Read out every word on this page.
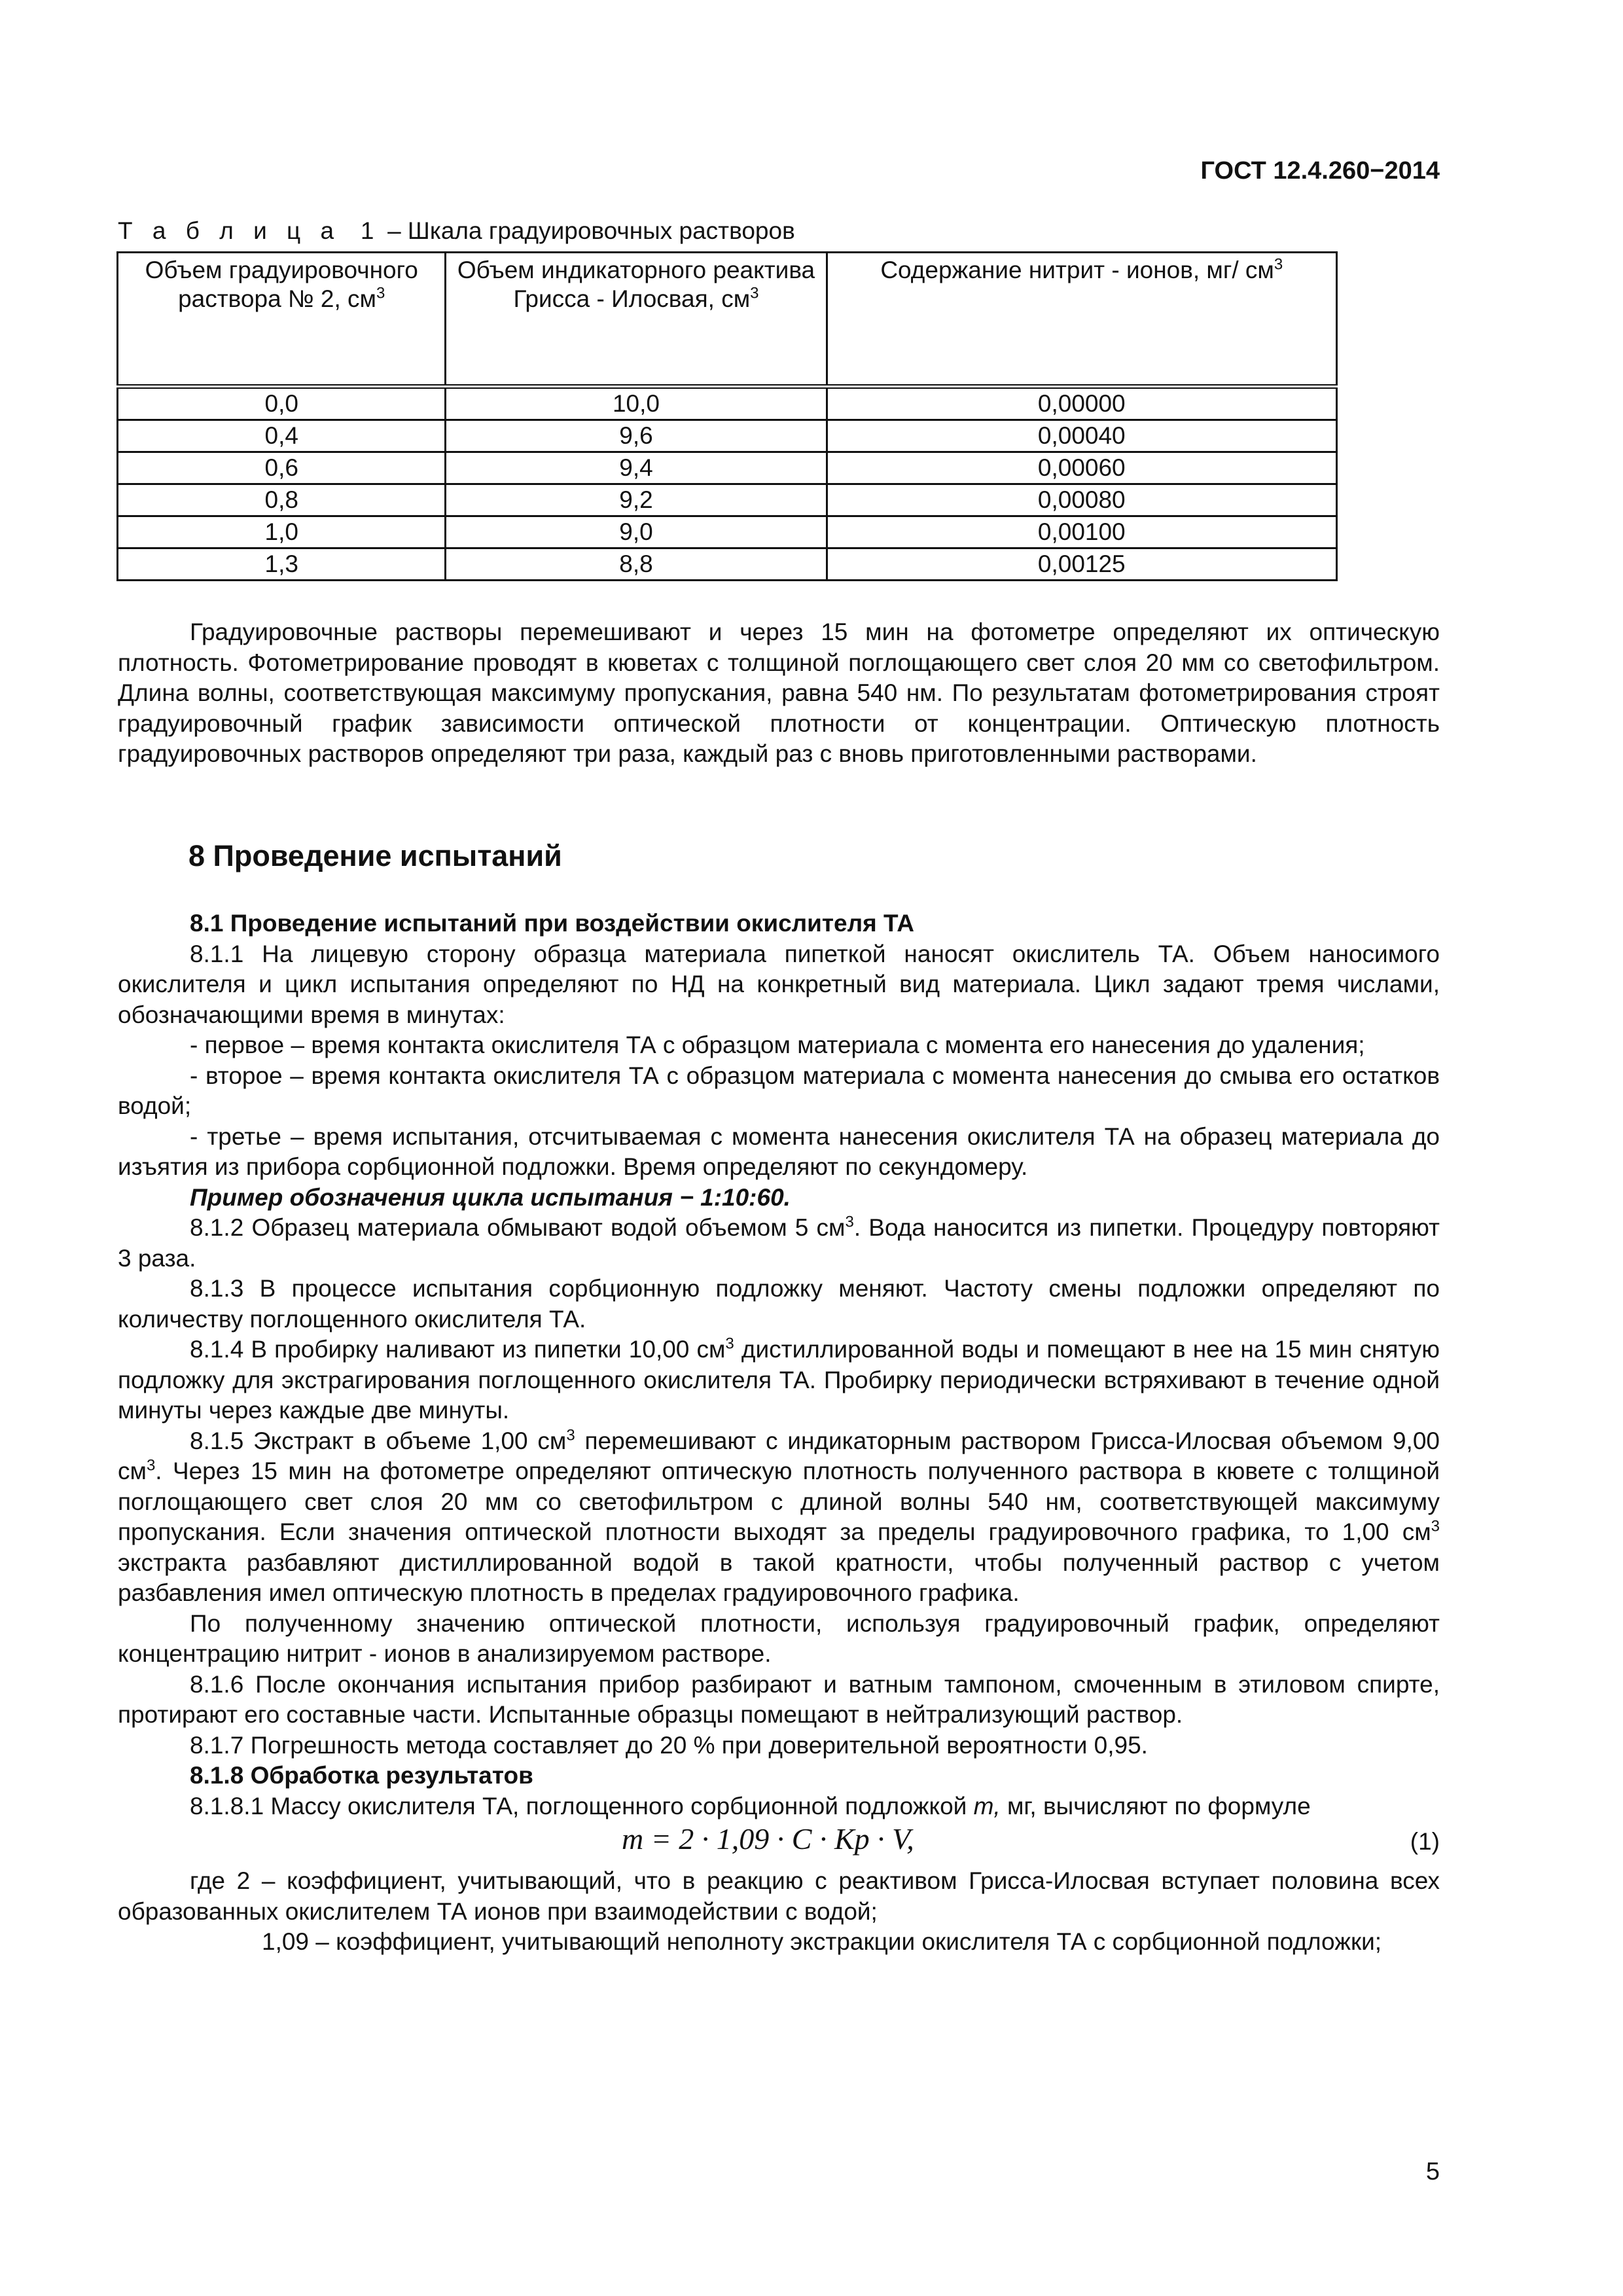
ГОСТ 12.4.260−2014
Т а б л и ц а 1 – Шкала градуировочных растворов
Объем градуировочного раствора № 2, $см^3$	Объем индикаторного реактива Грисса - Илосвая, $см^3$	Содержание нитрит - ионов, мг/ $см^3$
0,0	10,0	0,00000
0,4	9,6	0,00040
0,6	9,4	0,00060
0,8	9,2	0,00080
1,0	9,0	0,00100
1,3	8,8	0,00125

Градуировочные растворы перемешивают и через 15 мин на фотометре определяют их оптическую плотность. Фотометрирование проводят в кюветах с толщиной поглощающего свет слоя 20 мм со светофильтром. Длина волны, соответствующая максимуму пропускания, равна 540 нм. По результатам фотометрирования строят градуировочный график зависимости оптической плотности от концентрации. Оптическую плотность градуировочных растворов определяют три раза, каждый раз с вновь приготовленными растворами.

8 Проведение испытаний

8.1 Проведение испытаний при воздействии окислителя ТА

8.1.1 На лицевую сторону образца материала пипеткой наносят окислитель ТА. Объем наносимого окислителя и цикл испытания определяют по НД на конкретный вид материала. Цикл задают тремя числами, обозначающими время в минутах:

- первое – время контакта окислителя ТА с образцом материала с момента его нанесения до удаления;

- второе – время контакта окислителя ТА с образцом материала с момента нанесения до смыва его остатков водой;

- третье – время испытания, отсчитываемая с момента нанесения окислителя ТА на образец материала до изъятия из прибора сорбционной подложки. Время определяют по секундомеру.

Пример обозначения цикла испытания − 1:10:60.

8.1.2 Образец материала обмывают водой объемом 5 $см^3$. Вода наносится из пипетки. Процедуру повторяют 3 раза.

8.1.3 В процессе испытания сорбционную подложку меняют. Частоту смены подложки определяют по количеству поглощенного окислителя ТА.

8.1.4 В пробирку наливают из пипетки 10,00 $см^3$ дистиллированной воды и помещают в нее на 15 мин снятую подложку для экстрагирования поглощенного окислителя ТА. Пробирку периодически встряхивают в течение одной минуты через каждые две минуты.

8.1.5 Экстракт в объеме 1,00 $см^3$ перемешивают с индикаторным раствором Грисса-Илосвая объемом 9,00 $см^3$. Через 15 мин на фотометре определяют оптическую плотность полученного раствора в кювете с толщиной поглощающего свет слоя 20 мм со светофильтром с длиной волны 540 нм, соответствующей максимуму пропускания. Если значения оптической плотности выходят за пределы градуировочного графика, то 1,00 $см^3$ экстракта разбавляют дистиллированной водой в такой кратности, чтобы полученный раствор с учетом разбавления имел оптическую плотность в пределах градуировочного графика.

По полученному значению оптической плотности, используя градуировочный график, определяют концентрацию нитрит - ионов в анализируемом растворе.

8.1.6 После окончания испытания прибор разбирают и ватным тампоном, смоченным в этиловом спирте, протирают его составные части. Испытанные образцы помещают в нейтрализующий раствор.

8.1.7 Погрешность метода составляет до 20 % при доверительной вероятности 0,95.

8.1.8 Обработка результатов

8.1.8.1 Массу окислителя ТА, поглощенного сорбционной подложкой m, мг, вычисляют по формуле

m = 2 · 1,09 · C · Kp · V,	(1)

где 2 – коэффициент, учитывающий, что в реакцию с реактивом Грисса-Илосвая вступает половина всех образованных окислителем ТА ионов при взаимодействии с водой;

1,09 – коэффициент, учитывающий неполноту экстракции окислителя ТА с сорбционной подложки;

5
